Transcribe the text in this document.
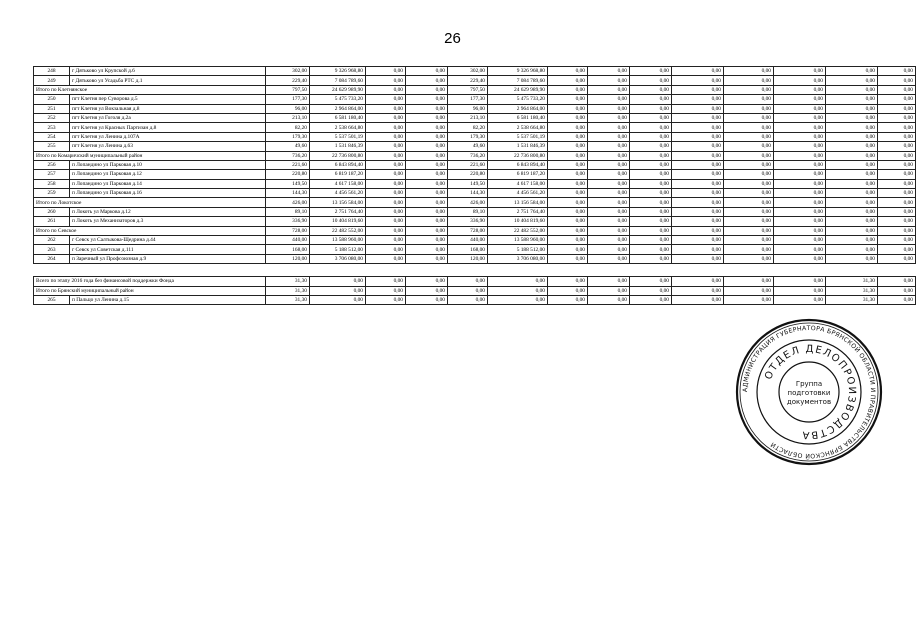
26
248	г Дятьково ул Крупской д.6	302,00	9 326 968,80	0,00	0,00	302,00	9 326 968,80	0,00	0,00	0,00	0,00	0,00	0,00	0,00	0,00
249	г Дятьково ул Усадьба РТС д.1	229,40	7 084 789,60	0,00	0,00	229,40	7 084 789,60	0,00	0,00	0,00	0,00	0,00	0,00	0,00	0,00
Итого по Клетнянское		797,50	24 629 989,90	0,00	0,00	797,50	24 629 989,90	0,00	0,00	0,00	0,00	0,00	0,00	0,00	0,00
250	пгт Клетня пер Суворова д.5	177,30	5 475 733,20	0,00	0,00	177,30	5 475 733,20	0,00	0,00	0,00	0,00	0,00	0,00	0,00	0,00
251	пгт Клетня ул Вокзальная д.8	96,00	2 964 864,00	0,00	0,00	96,00	2 964 864,00	0,00	0,00	0,00	0,00	0,00	0,00	0,00	0,00
252	пгт Клетня ул Гоголя д.2а	213,10	6 581 180,40	0,00	0,00	213,10	6 581 180,40	0,00	0,00	0,00	0,00	0,00	0,00	0,00	0,00
253	пгт Клетня ул Красных Партизан д.8	82,20	2 538 664,80	0,00	0,00	82,20	2 538 664,80	0,00	0,00	0,00	0,00	0,00	0,00	0,00	0,00
254	пгт Клетня ул Ленина д.107А	179,30	5 537 501,19	0,00	0,00	179,30	5 537 501,19	0,00	0,00	0,00	0,00	0,00	0,00	0,00	0,00
255	пгт Клетня ул Ленина д.63	49,60	1 531 846,39	0,00	0,00	49,60	1 531 846,39	0,00	0,00	0,00	0,00	0,00	0,00	0,00	0,00
Итого по Комаричский муниципальный район		736,20	22 736 800,80	0,00	0,00	736,20	22 736 800,80	0,00	0,00	0,00	0,00	0,00	0,00	0,00	0,00
256	п Лопандино ул Парковая д.10	221,60	6 843 894,40	0,00	0,00	221,60	6 843 894,40	0,00	0,00	0,00	0,00	0,00	0,00	0,00	0,00
257	п Лопандино ул Парковая д.12	220,80	6 819 187,20	0,00	0,00	220,80	6 819 187,20	0,00	0,00	0,00	0,00	0,00	0,00	0,00	0,00
258	п Лопандино ул Парковая д.14	149,50	4 617 158,00	0,00	0,00	149,50	4 617 158,00	0,00	0,00	0,00	0,00	0,00	0,00	0,00	0,00
259	п Лопандино ул Парковая д.16	144,30	4 456 561,20	0,00	0,00	144,30	4 456 561,20	0,00	0,00	0,00	0,00	0,00	0,00	0,00	0,00
Итого по Локотское		426,00	13 156 584,00	0,00	0,00	426,00	13 156 584,00	0,00	0,00	0,00	0,00	0,00	0,00	0,00	0,00
260	п Локоть ул Маркова д.12	89,10	2 751 764,40	0,00	0,00	89,10	2 751 764,40	0,00	0,00	0,00	0,00	0,00	0,00	0,00	0,00
261	п Локоть ул Механизаторов д.3	336,90	10 404 819,60	0,00	0,00	336,90	10 404 819,60	0,00	0,00	0,00	0,00	0,00	0,00	0,00	0,00
Итого по Севское		728,00	22 482 552,00	0,00	0,00	728,00	22 482 552,00	0,00	0,00	0,00	0,00	0,00	0,00	0,00	0,00
262	г Севск ул Салтыкова-Щедрина д.44	440,00	13 588 960,00	0,00	0,00	440,00	13 588 960,00	0,00	0,00	0,00	0,00	0,00	0,00	0,00	0,00
263	г Севск ул Советская д.111	168,00	5 188 512,00	0,00	0,00	168,00	5 188 512,00	0,00	0,00	0,00	0,00	0,00	0,00	0,00	0,00
264	п Заречный ул Профсоюзная д.9	120,00	3 706 080,00	0,00	0,00	120,00	3 706 080,00	0,00	0,00	0,00	0,00	0,00	0,00	0,00	0,00

Всего по этапу 2016 года без финансовой поддержки Фонда		31,30	0,00	0,00	0,00	0,00	0,00	0,00	0,00	0,00	0,00	0,00	0,00	31,30	0,00
Итого по Брянский муниципальный район		31,30	0,00	0,00	0,00	0,00	0,00	0,00	0,00	0,00	0,00	0,00	0,00	31,30	0,00
265	п Пальцо ул Ленина д.15	31,30	0,00	0,00	0,00	0,00	0,00	0,00	0,00	0,00	0,00	0,00	0,00	31,30	0,00
АДМИНИСТРАЦИЯ ГУБЕРНАТОРА БРЯНСКОЙ ОБЛАСТИ И ПРАВИТЕЛЬСТВА БРЯНСКОЙ ОБЛАСТИ
ОТДЕЛ ДЕЛОПРОИЗВОДСТВА
Группа
подготовки
документов
